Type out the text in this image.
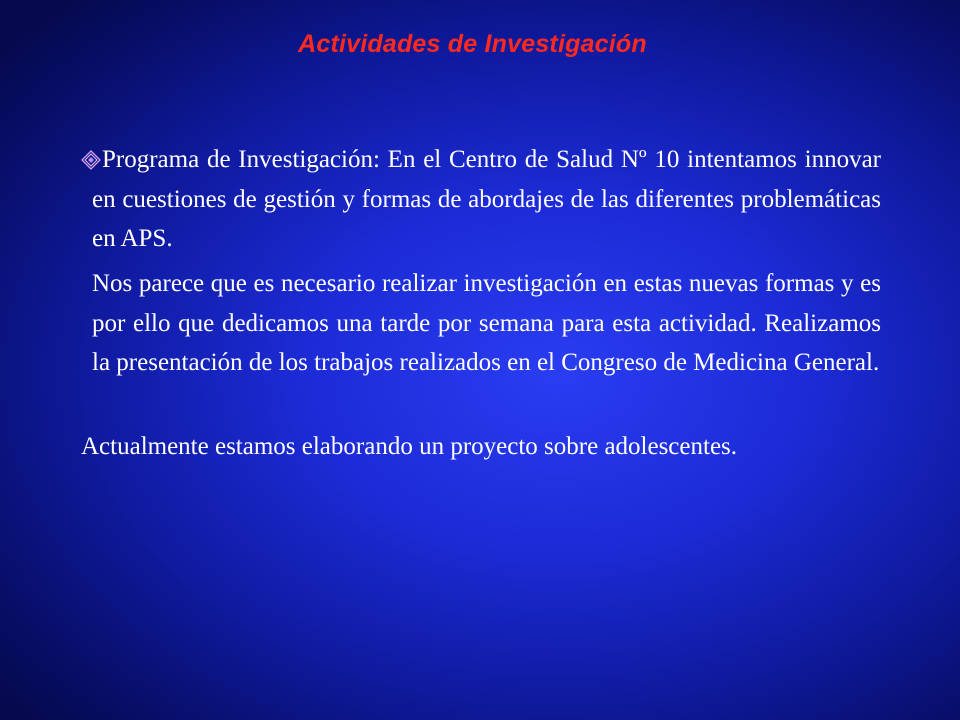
Actividades de Investigación

Programa de Investigación: En el Centro de Salud Nº 10 intentamos innovar en cuestiones de gestión y formas de abordajes de las diferentes problemáticas en APS.

Nos parece que es necesario realizar investigación en estas nuevas formas y es por ello que dedicamos una tarde por semana para esta actividad. Realizamos la presentación de los trabajos realizados en el Congreso de Medicina General.

Actualmente estamos elaborando un proyecto sobre adolescentes.
